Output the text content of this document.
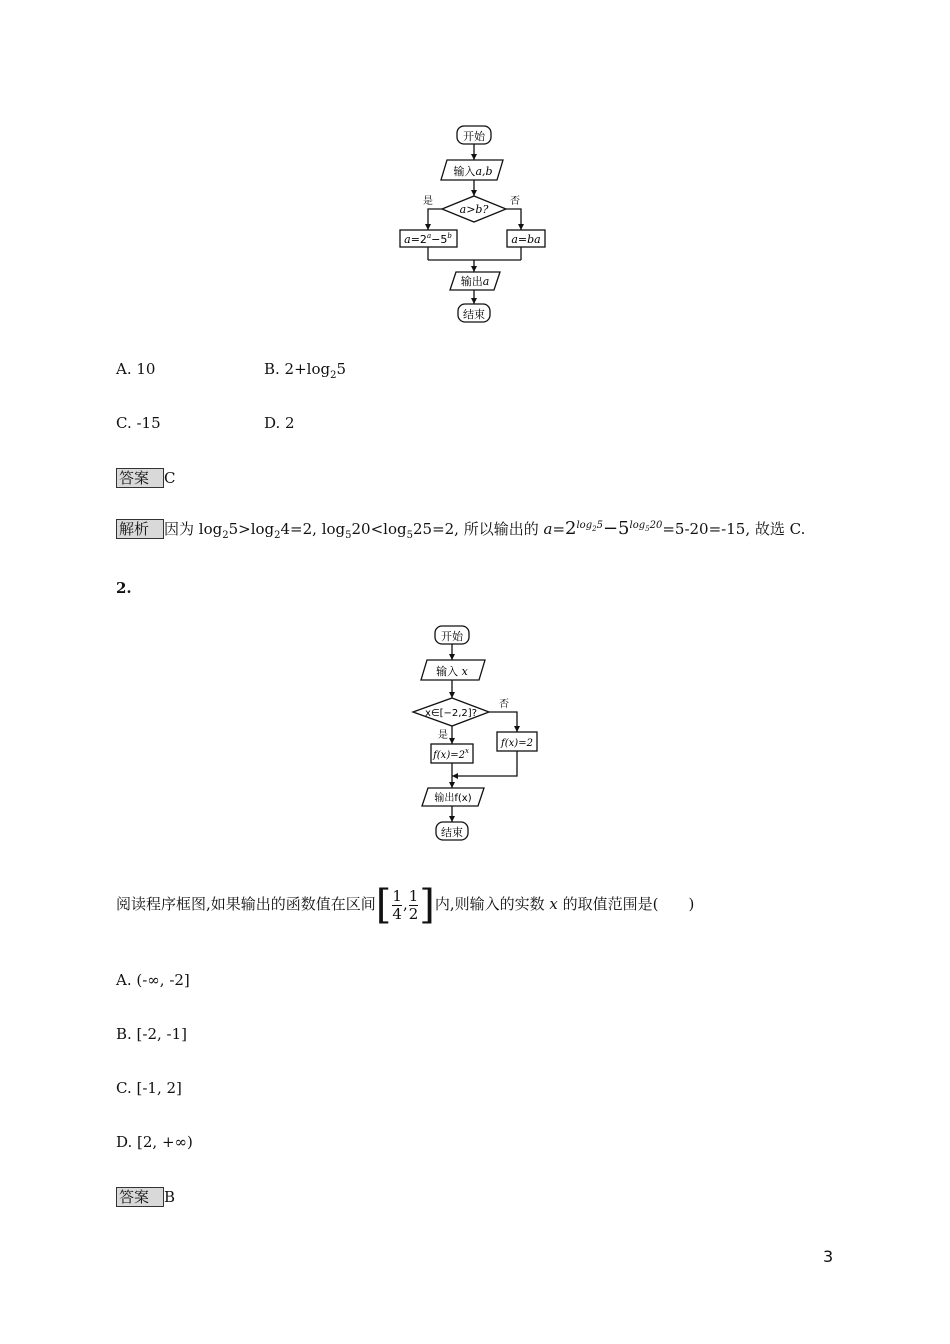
开始
输入a,b
a>b?
是	否
$a=2^a-5^b$	a=ba
输出a
结束
A. 10	B. $2+\log_25$
C. -15	D. 2
答案 C
解析 因为 $\log_25>\log_24=2$, $\log_520<\log_525=2$, 所以输出的 $a=2^{log_25}-5^{log_520}=5-20=-15$, 故选 C.
2.
开始
输入 x
x∈[−2,2]?
是
否
$f(x)=2^x$
f(x)=2
输出f(x)
结束
阅读程序框图,如果输出的函数值在区间[ $\frac{1}{4}$ , $\frac{1}{2}$ ]内,则输入的实数 x 的取值范围是(　　)
A. (-∞, -2]
B. [-2, -1]
C. [-1, 2]
D. [2, +∞)
答案 B
3
